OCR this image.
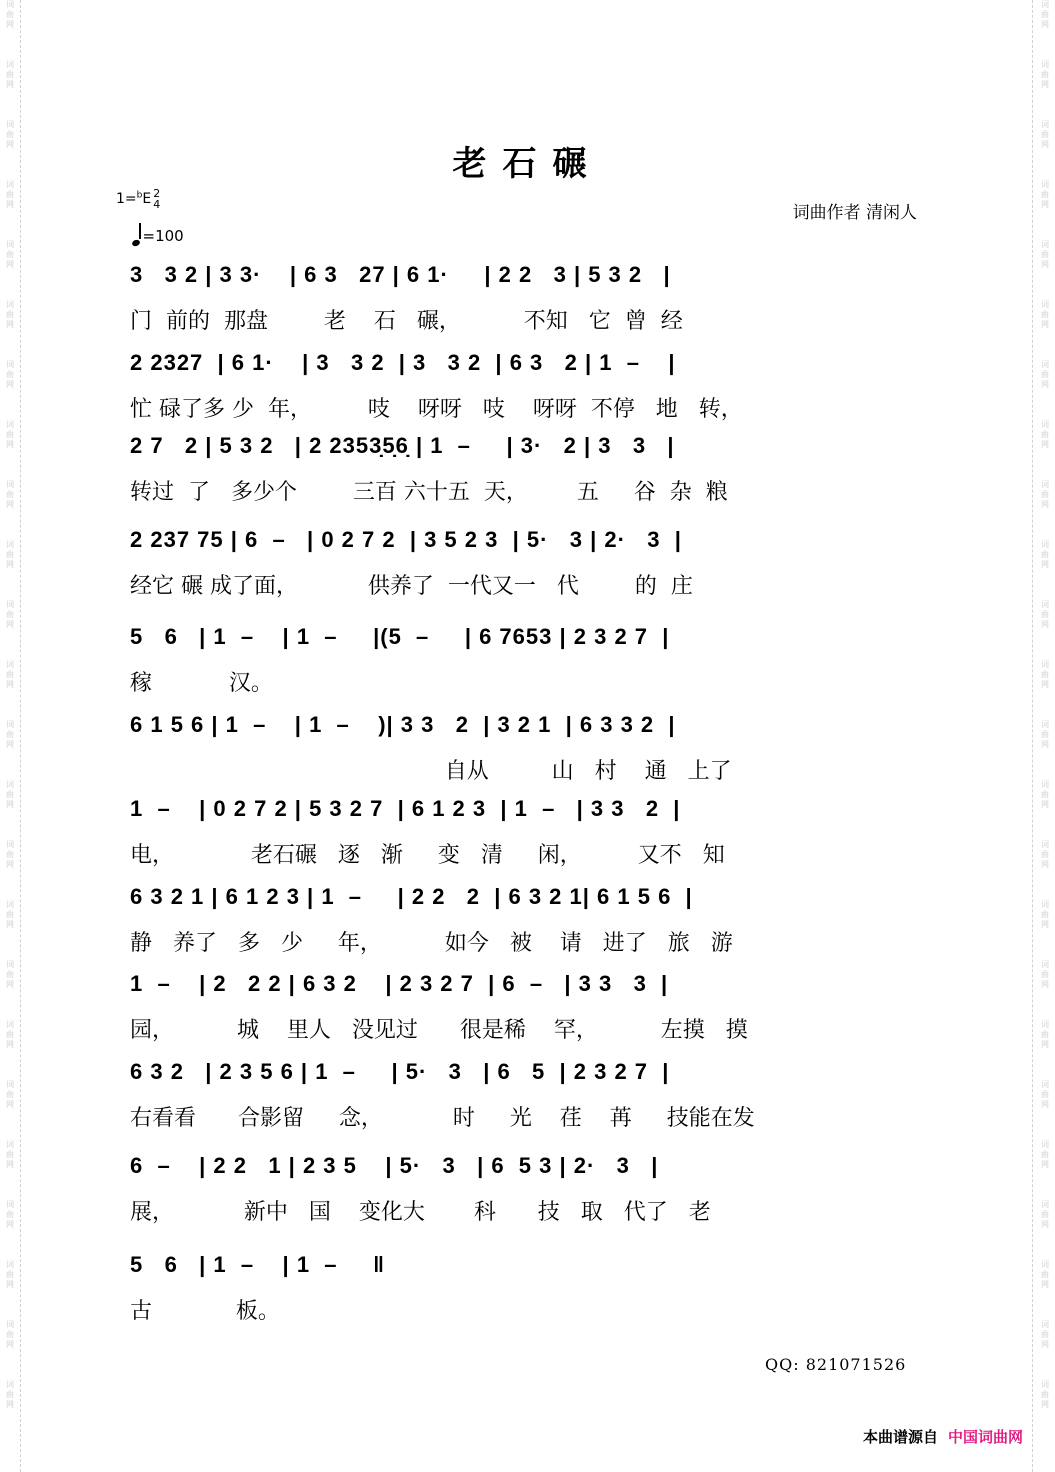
词
曲
网
词
曲
网
词
曲
网
词
曲
网
词
曲
网
词
曲
网
词
曲
网
词
曲
网
词
曲
网
词
曲
网
词
曲
网
词
曲
网
词
曲
网
词
曲
网
词
曲
网
词
曲
网
词
曲
网
词
曲
网
词
曲
网
词
曲
网
词
曲
网
词
曲
网
词
曲
网
词
曲
网
词
曲
网
词
曲
网
词
曲
网
词
曲
网
词
曲
网
词
曲
网
词
曲
网
词
曲
网
词
曲
网
词
曲
网
词
曲
网
词
曲
网
词
曲
网
词
曲
网
词
曲
网
词
曲
网
词
曲
网
词
曲
网
词
曲
网
词
曲
网
词
曲
网
词
曲
网
词
曲
网
词
曲
网
老石碾
1=$^b$E 2
4
=100
词曲作者 清闲人
3   3 2 | 3 3·    | 6 3   27 | 6 1·     | 2 2   3 | 5 3 2   |
门  前的  那盘        老    石   碾，         不知   它  曾  经
2 2327  | 6 1·    | 3   3 2  | 3   3 2  | 6 3   2 | 1  –    |
忙 碌了多 少  年，        吱    呀呀   吱    呀呀  不停   地   转，
2 7   2 | 5 3 2   | 2 2353̣5̣6̣ | 1  –     | 3·   2 | 3   3   |
转过  了   多少个        三百 六十五  天，       五     谷  杂  粮
2 237 75 | 6  –   | 0 2 7 2  | 3 5 2 3  | 5·   3 | 2·   3  |
经它 碾 成了面，          供养了  一代又一   代        的  庄
5   6   | 1  –    | 1  –     |(5  –     | 6 7653 | 2 3 2 7  |
稼           汉。
6 1 5 6 | 1  –    | 1  –    )| 3 3   2  | 3 2 1  | 6 3 3 2  |
自从         山   村    通   上了
1  –    | 0 2 7 2 | 5 3 2 7  | 6 1 2 3  | 1  –   | 3 3   2  |
电，           老石碾   逐   渐     变   清     闲，        又不   知
6 3 2 1 | 6 1 2 3 | 1  –     | 2 2   2  | 6 3 2 1| 6 1 5 6  |
静   养了   多   少     年，         如今   被    请   进了   旅   游
1  –    | 2   2 2 | 6 3 2    | 2 3 2 7  | 6  –   | 3 3   3  |
园，         城    里人   没见过      很是稀    罕，         左摸   摸
6 3 2   | 2 3 5 6 | 1  –     | 5·   3   | 6   5  | 2 3 2 7  |
右看看      合影留     念，          时     光    荏    苒     技能在发
6  –    | 2 2   1 | 2 3 5    | 5·   3   | 6  5 3 | 2·   3   |
展，          新中   国    变化大       科      技   取   代了   老
5   6   | 1  –    | 1  –     ‖
古            板。
QQ: 821071526
本曲谱源自 中国词曲网
